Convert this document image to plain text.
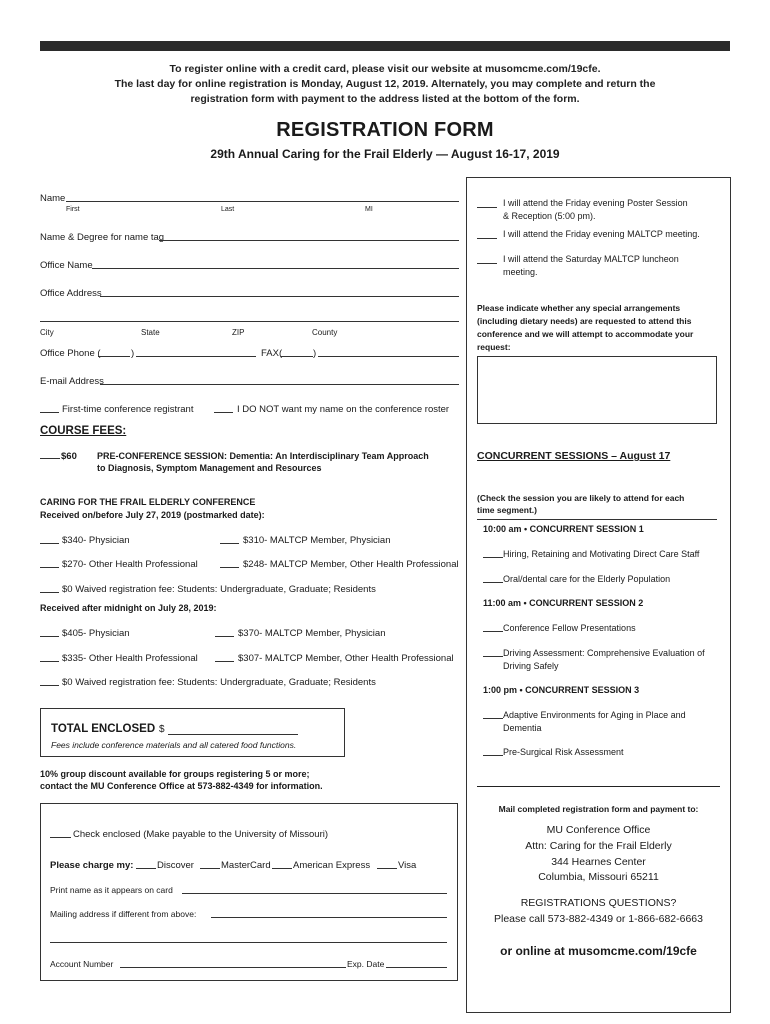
To register online with a credit card, please visit our website at musomcme.com/19cfe.
The last day for online registration is Monday, August 12, 2019. Alternately, you may complete and return the
registration form with payment to the address listed at the bottom of the form.
REGISTRATION FORM
29th Annual Caring for the Frail Elderly — August 16-17, 2019
Name
First	Last	MI
Name & Degree for name tag
Office Name
Office Address
City	State	ZIP	County
Office Phone (	)	FAX(	)
E-mail Address
First-time conference registrant	I DO NOT want my name on the conference roster
COURSE FEES:
$60 PRE-CONFERENCE SESSION: Dementia: An Interdisciplinary Team Approach
to Diagnosis, Symptom Management and Resources
CARING FOR THE FRAIL ELDERLY CONFERENCE
Received on/before July 27, 2019 (postmarked date):
$340- Physician	$310- MALTCP Member, Physician
$270- Other Health Professional	$248- MALTCP Member, Other Health Professional
$0 Waived registration fee: Students: Undergraduate, Graduate; Residents
Received after midnight on July 28, 2019:
$405- Physician	$370- MALTCP Member, Physician
$335- Other Health Professional	$307- MALTCP Member, Other Health Professional
$0 Waived registration fee: Students: Undergraduate, Graduate; Residents
TOTAL ENCLOSED $
Fees include conference materials and all catered food functions.
10% group discount available for groups registering 5 or more;
contact the MU Conference Office at 573-882-4349 for information.
Check enclosed (Make payable to the University of Missouri)
Please charge my: Discover	MasterCard American Express	Visa
Print name as it appears on card
Mailing address if different from above:
Account Number	Exp. Date
I will attend the Friday evening Poster Session
& Reception (5:00 pm).
I will attend the Friday evening MALTCP meeting.
I will attend the Saturday MALTCP luncheon
meeting.
Please indicate whether any special arrangements
(including dietary needs) are requested to attend this
conference and we will attempt to accommodate your
request:
CONCURRENT SESSIONS – August 17
(Check the session you are likely to attend for each
time segment.)
10:00 am • CONCURRENT SESSION 1
Hiring, Retaining and Motivating Direct Care Staff
Oral/dental care for the Elderly Population
11:00 am • CONCURRENT SESSION 2
Conference Fellow Presentations
Driving Assessment: Comprehensive Evaluation of
Driving Safely
1:00 pm • CONCURRENT SESSION 3
Adaptive Environments for Aging in Place and
Dementia
Pre-Surgical Risk Assessment
Mail completed registration form and payment to:
MU Conference Office
Attn: Caring for the Frail Elderly
344 Hearnes Center
Columbia, Missouri 65211
REGISTRATIONS QUESTIONS?
Please call 573-882-4349 or 1-866-682-6663
or online at musomcme.com/19cfe
